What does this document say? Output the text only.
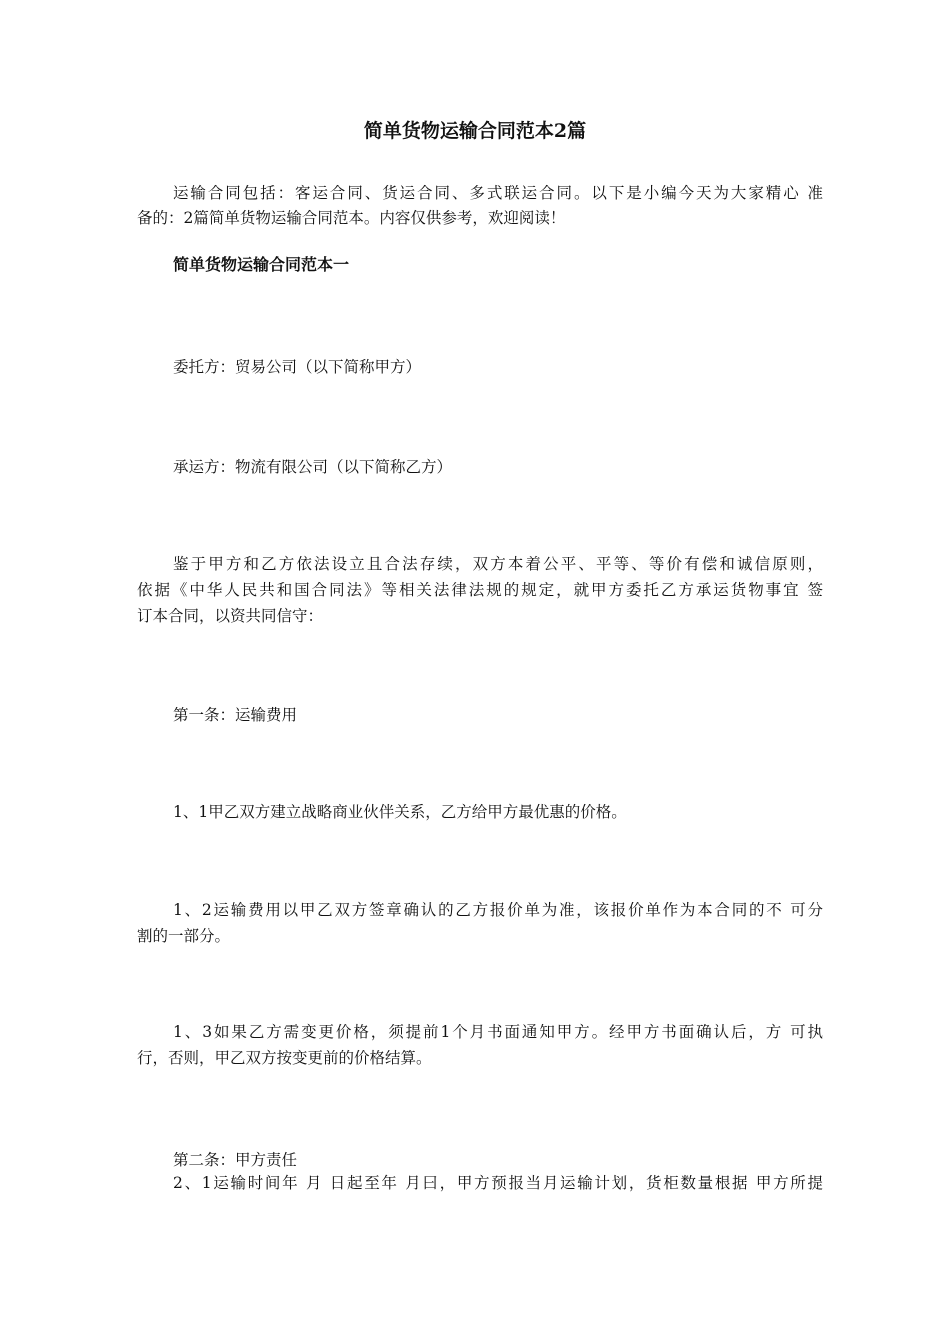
简单货物运输合同范本2篇
运输合同包括：客运合同、货运合同、多式联运合同。以下是小编今天为大家精心 准
备的：2篇简单货物运输合同范本。内容仅供参考，欢迎阅读！
简单货物运输合同范本一
委托方：贸易公司（以下简称甲方）
承运方：物流有限公司（以下简称乙方）
鉴于甲方和乙方依法设立且合法存续，双方本着公平、平等、等价有偿和诚信原则，
依据《中华人民共和国合同法》等相关法律法规的规定，就甲方委托乙方承运货物事宜 签
订本合同，以资共同信守：
第一条：运输费用
1、1甲乙双方建立战略商业伙伴关系，乙方给甲方最优惠的价格。
1、2运输费用以甲乙双方签章确认的乙方报价单为准，该报价单作为本合同的不 可分
割的一部分。
1、3如果乙方需变更价格，须提前1个月书面通知甲方。经甲方书面确认后，方 可执
行，否则，甲乙双方按变更前的价格结算。
第二条：甲方责任
2、1运输时间年 月 日起至年 月曰，甲方预报当月运输计划，货柜数量根据 甲方所提
